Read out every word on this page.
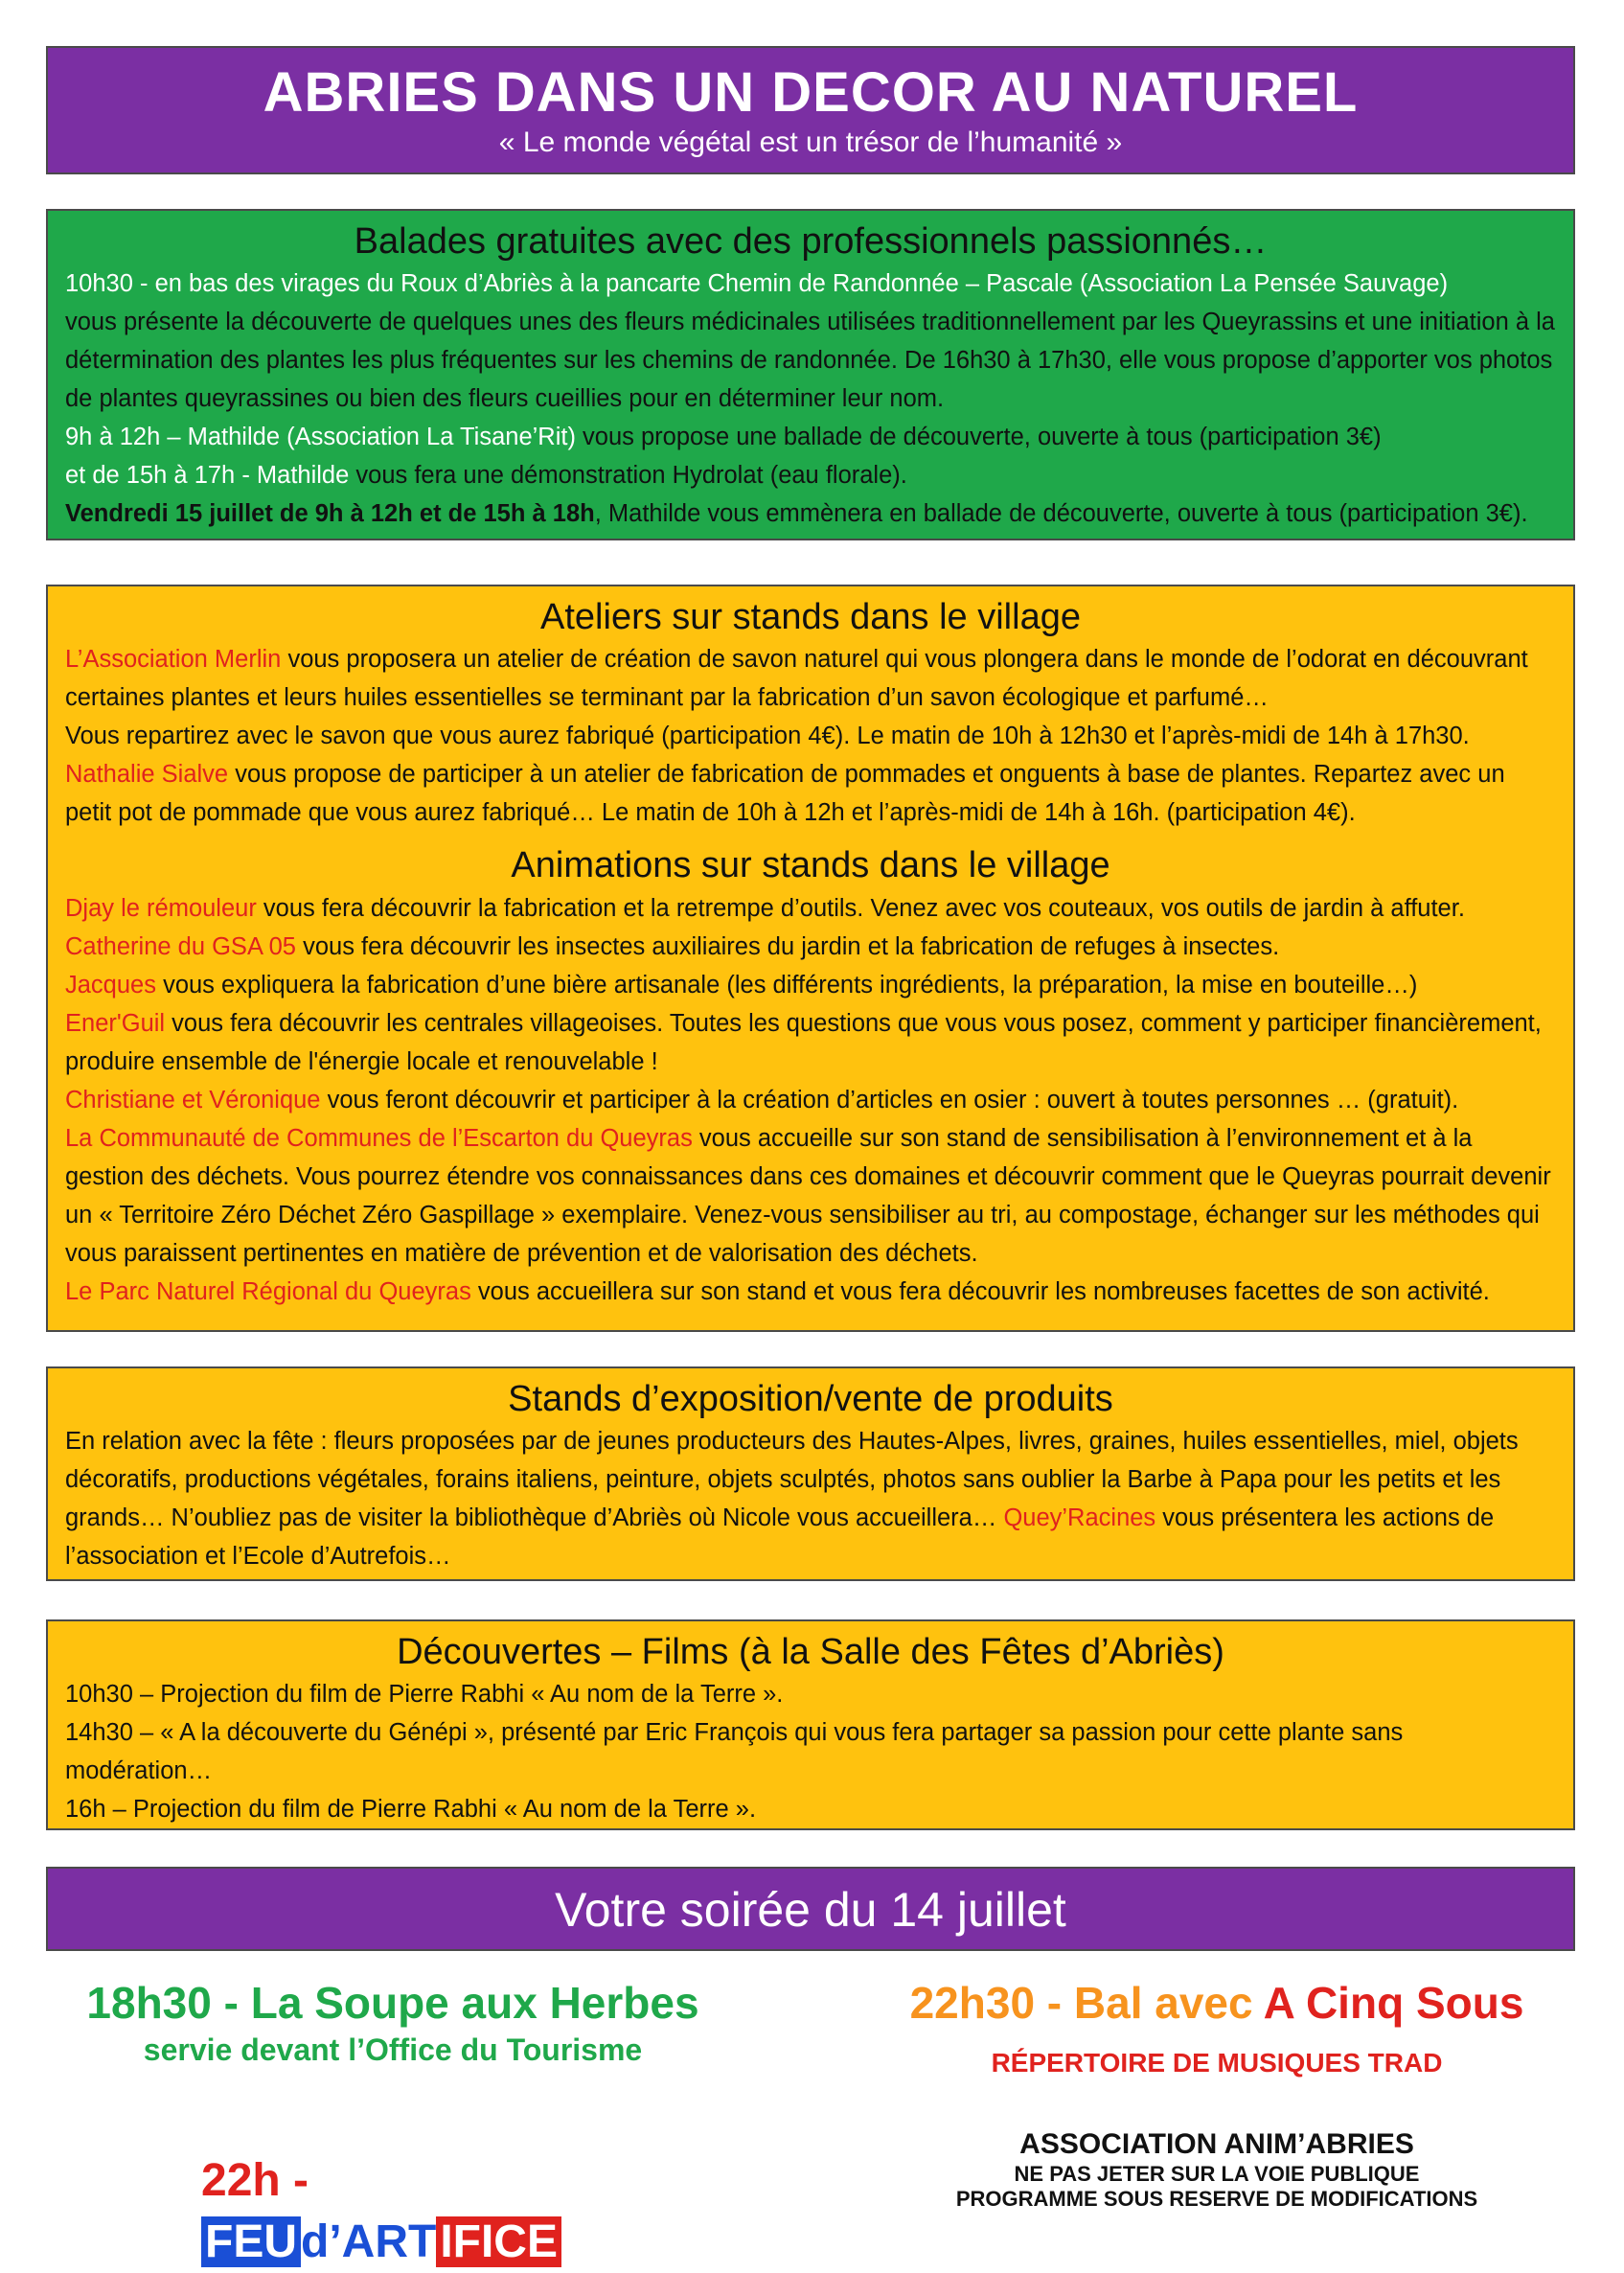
ABRIES DANS UN DECOR AU NATUREL
« Le monde végétal est un trésor de l’humanité »
Balades gratuites avec des professionnels passionnés…

10h30 - en bas des virages du Roux d’Abriès à la pancarte Chemin de Randonnée – Pascale (Association La Pensée Sauvage)
vous présente la découverte de quelques unes des fleurs médicinales utilisées traditionnellement par les Queyrassins et une initiation à la détermination des plantes les plus fréquentes sur les chemins de randonnée. De 16h30 à 17h30, elle vous propose d’apporter vos photos de plantes queyrassines ou bien des fleurs cueillies pour en déterminer leur nom.

9h à 12h – Mathilde (Association La Tisane’Rit) vous propose une ballade de découverte, ouverte à tous (participation 3€)

et de 15h à 17h - Mathilde vous fera une démonstration Hydrolat (eau florale).

Vendredi 15 juillet de 9h à 12h et de 15h à 18h, Mathilde vous emmènera en ballade de découverte, ouverte à tous (participation 3€).

Ateliers sur stands dans le village

L’Association Merlin vous proposera un atelier de création de savon naturel qui vous plongera dans le monde de l’odorat en découvrant certaines plantes et leurs huiles essentielles se terminant par la fabrication d’un savon écologique et parfumé…

Vous repartirez avec le savon que vous aurez fabriqué (participation 4€). Le matin de 10h à 12h30 et l’après-midi de 14h à 17h30.

Nathalie Sialve vous propose de participer à un atelier de fabrication de pommades et onguents à base de plantes. Repartez avec un petit pot de pommade que vous aurez fabriqué… Le matin de 10h à 12h et l’après-midi de 14h à 16h. (participation 4€).

Animations sur stands dans le village

Djay le rémouleur vous fera découvrir la fabrication et la retrempe d’outils. Venez avec vos couteaux, vos outils de jardin à affuter.

Catherine du GSA 05 vous fera découvrir les insectes auxiliaires du jardin et la fabrication de refuges à insectes.

Jacques vous expliquera la fabrication d’une bière artisanale (les différents ingrédients, la préparation, la mise en bouteille…)

Ener'Guil vous fera découvrir les centrales villageoises. Toutes les questions que vous vous posez, comment y participer financièrement, produire ensemble de l'énergie locale et renouvelable !

Christiane et Véronique vous feront découvrir et participer à la création d’articles en osier : ouvert à toutes personnes … (gratuit).

La Communauté de Communes de l’Escarton du Queyras vous accueille sur son stand de sensibilisation à l’environnement et à la gestion des déchets. Vous pourrez étendre vos connaissances dans ces domaines et découvrir comment que le Queyras pourrait devenir un « Territoire Zéro Déchet Zéro Gaspillage » exemplaire. Venez-vous sensibiliser au tri, au compostage, échanger sur les méthodes qui vous paraissent pertinentes en matière de prévention et de valorisation des déchets.

Le Parc Naturel Régional du Queyras vous accueillera sur son stand et vous fera découvrir les nombreuses facettes de son activité.

Stands d’exposition/vente de produits

En relation avec la fête : fleurs proposées par de jeunes producteurs des Hautes-Alpes, livres, graines, huiles essentielles, miel, objets décoratifs, productions végétales, forains italiens, peinture, objets sculptés, photos sans oublier la Barbe à Papa pour les petits et les grands… N’oubliez pas de visiter la bibliothèque d’Abriès où Nicole vous accueillera… Quey’Racines vous présentera les actions de l’association et l’Ecole d’Autrefois…

Découvertes – Films (à la Salle des Fêtes d’Abriès)

10h30 – Projection du film de Pierre Rabhi « Au nom de la Terre ».

14h30 – « A la découverte du Génépi », présenté par Eric François qui vous fera partager sa passion pour cette plante sans modération…

16h – Projection du film de Pierre Rabhi « Au nom de la Terre ».

Votre soirée du 14 juillet
18h30 - La Soupe aux Herbes
servie devant l’Office du Tourisme
22h30 - Bal avec A Cinq Sous
RÉPERTOIRE DE MUSIQUES TRAD
22h - FEUd’ARTIFICE
ASSOCIATION ANIM’ABRIES
NE PAS JETER SUR LA VOIE PUBLIQUE
PROGRAMME SOUS RESERVE DE MODIFICATIONS
